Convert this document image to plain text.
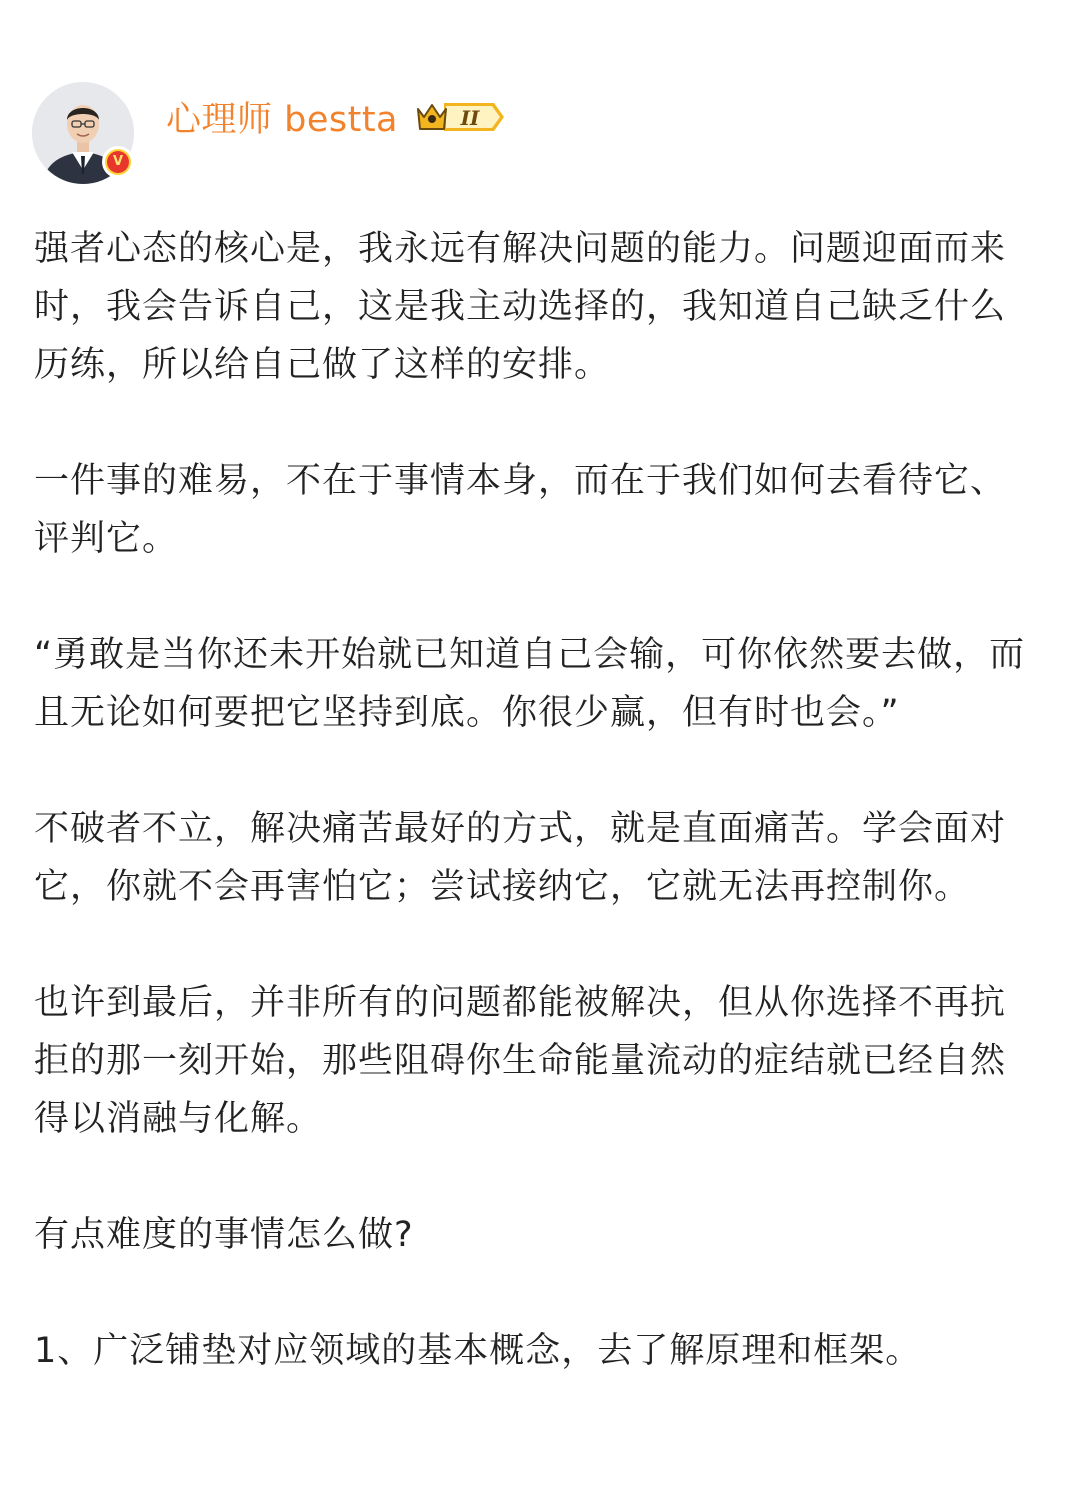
V
心理师 bestta	II

强者心态的核心是，我永远有解决问题的能力。问题迎面而来时，我会告诉自己，这是我主动选择的，我知道自己缺乏什么历练，所以给自己做了这样的安排。

一件事的难易，不在于事情本身，而在于我们如何去看待它、评判它。

“勇敢是当你还未开始就已知道自己会输，可你依然要去做，而且无论如何要把它坚持到底。你很少赢，但有时也会。”

不破者不立，解决痛苦最好的方式，就是直面痛苦。学会面对它，你就不会再害怕它；尝试接纳它，它就无法再控制你。

也许到最后，并非所有的问题都能被解决，但从你选择不再抗拒的那一刻开始，那些阻碍你生命能量流动的症结就已经自然得以消融与化解。

有点难度的事情怎么做?

1、广泛铺垫对应领域的基本概念，去了解原理和框架。
